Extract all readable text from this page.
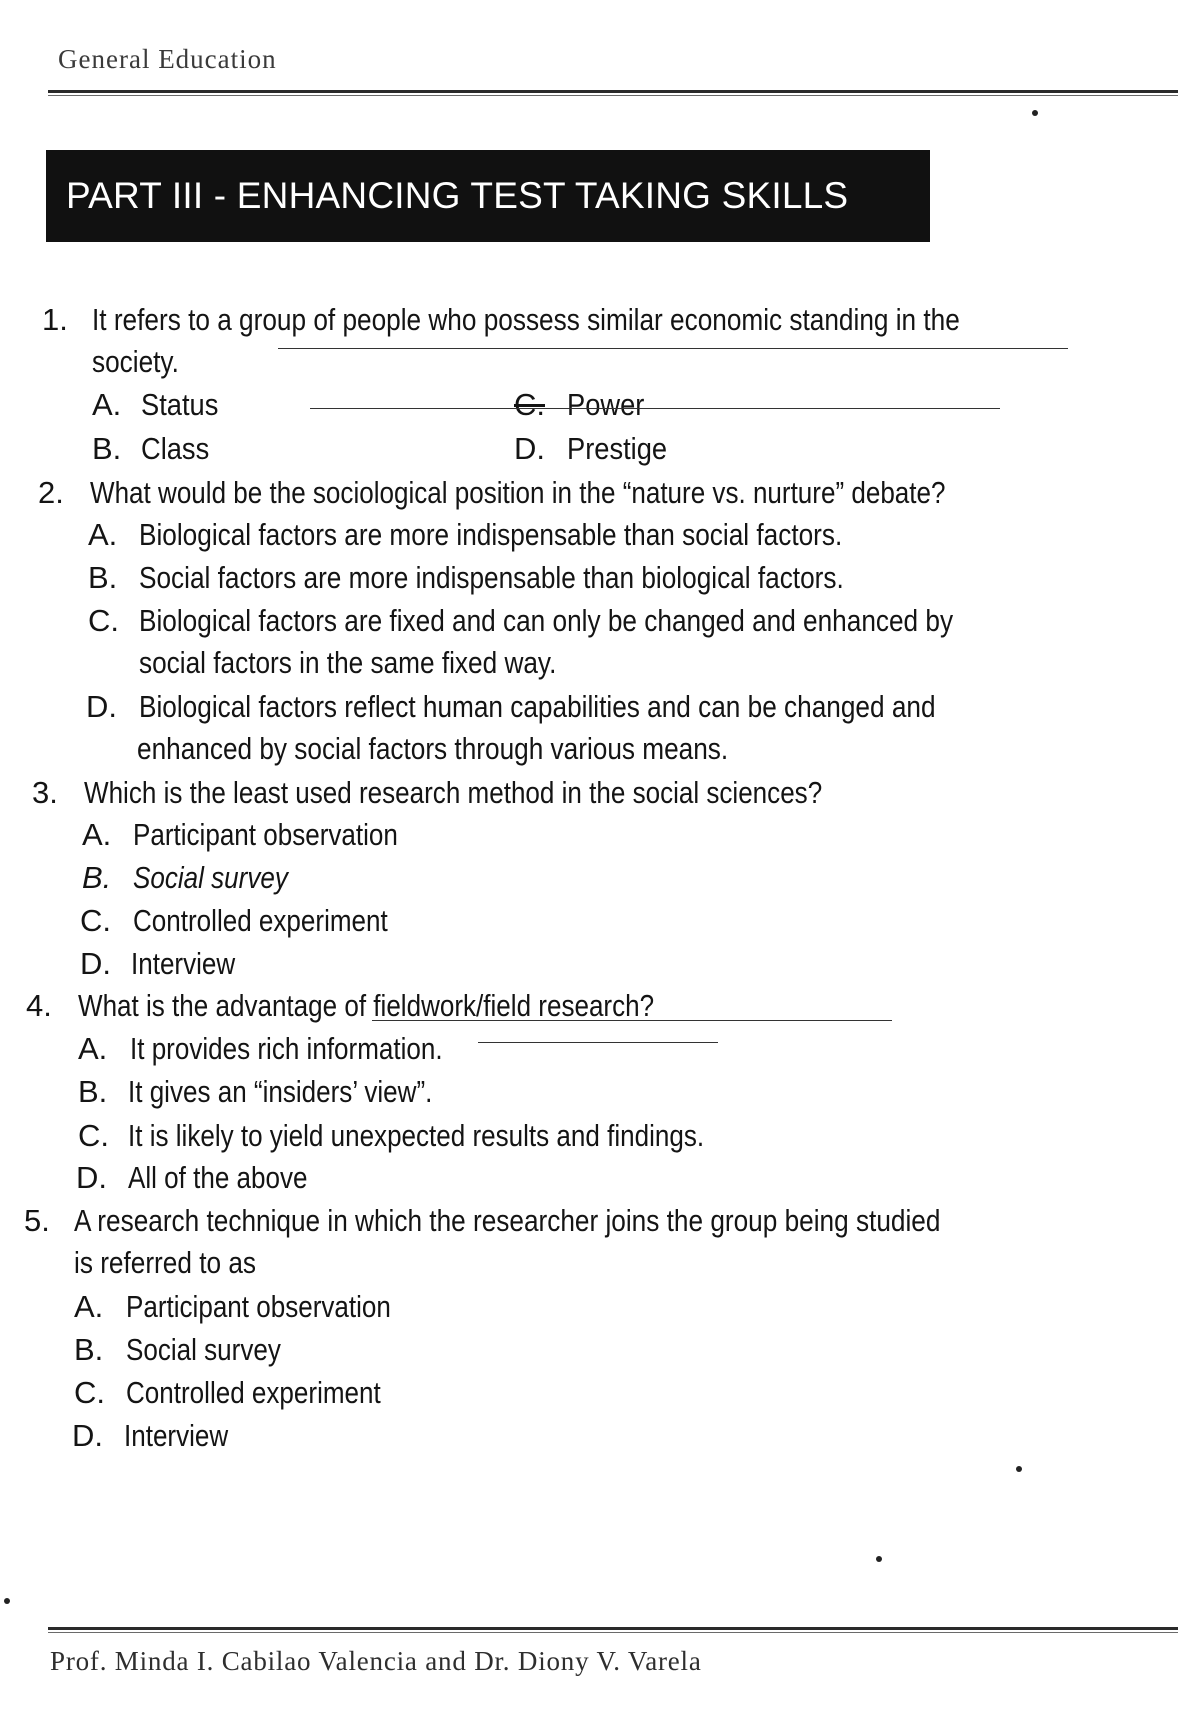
General Education
PART III - ENHANCING TEST TAKING SKILLS
1. It refers to a group of people who possess similar economic standing in the
society.
A. Status
B. Class
C. Power
D. Prestige
2. What would be the sociological position in the “nature vs. nurture” debate?
A. Biological factors are more indispensable than social factors.
B. Social factors are more indispensable than biological factors.
C. Biological factors are fixed and can only be changed and enhanced by
social factors in the same fixed way.
D. Biological factors reflect human capabilities and can be changed and
enhanced by social factors through various means.
3. Which is the least used research method in the social sciences?
A. Participant observation
B. Social survey
C. Controlled experiment
D. Interview
4. What is the advantage of fieldwork/field research?
A. It provides rich information.
B. It gives an “insiders’ view”.
C. It is likely to yield unexpected results and findings.
D. All of the above
5. A research technique in which the researcher joins the group being studied
is referred to as
A. Participant observation
B. Social survey
C. Controlled experiment
D. Interview
Prof. Minda I. Cabilao Valencia and Dr. Diony V. Varela
